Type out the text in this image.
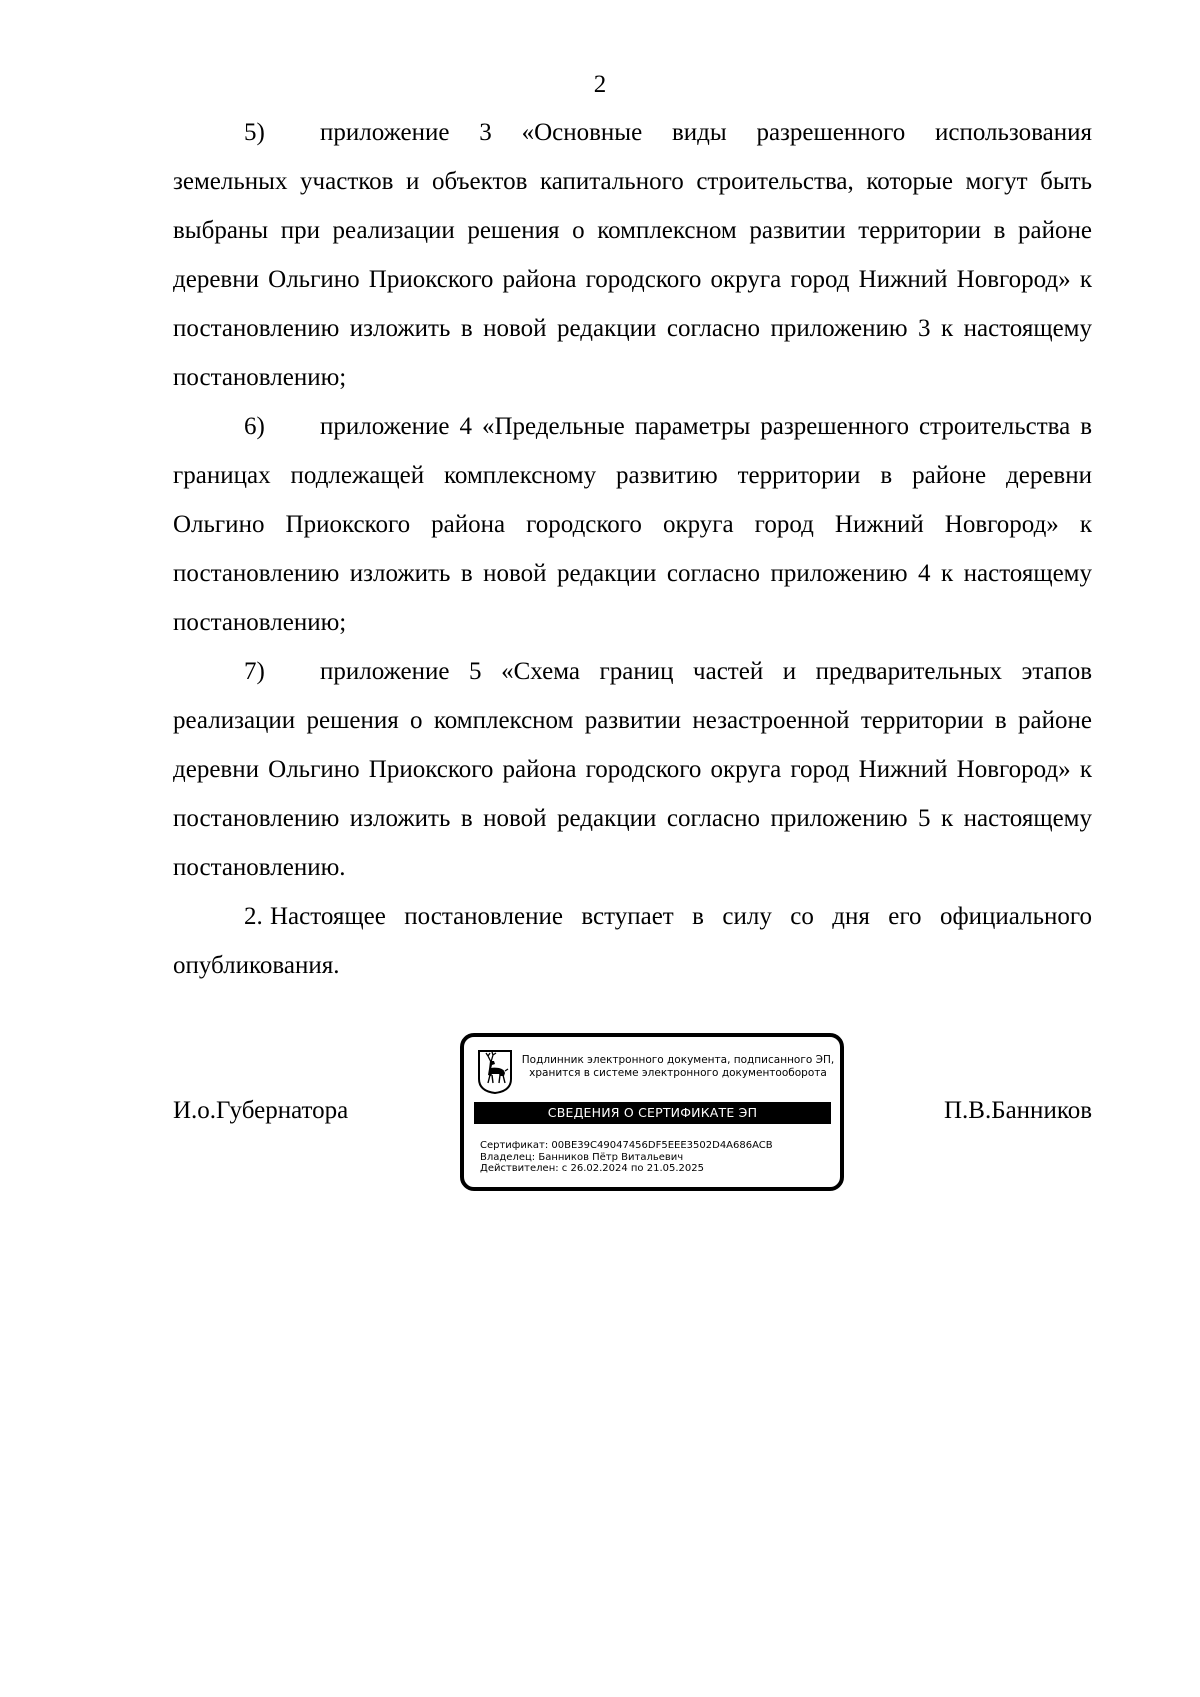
2

5) приложение 3 «Основные виды разрешенного использования земельных участков и объектов капитального строительства, которые могут быть выбраны при реализации решения о комплексном развитии территории в районе деревни Ольгино Приокского района городского округа город Нижний Новгород» к постановлению изложить в новой редакции согласно приложению 3 к настоящему постановлению;

6) приложение 4 «Предельные параметры разрешенного строительства в границах подлежащей комплексному развитию территории в районе деревни Ольгино Приокского района городского округа город Нижний Новгород» к постановлению изложить в новой редакции согласно приложению 4 к настоящему постановлению;

7) приложение 5 «Схема границ частей и предварительных этапов реализации решения о комплексном развитии незастроенной территории в районе деревни Ольгино Приокского района городского округа город Нижний Новгород» к постановлению изложить в новой редакции согласно приложению 5 к настоящему постановлению.

2. Настоящее постановление вступает в силу со дня его официального опубликования.

И.о.Губернатора	П.В.Банников
Подлинник электронного документа, подписанного ЭП,
хранится в системе электронного документооборота
СВЕДЕНИЯ О СЕРТИФИКАТЕ ЭП
Сертификат: 00BE39C49047456DF5EEE3502D4A686ACB
Владелец: Банников Пётр Витальевич
Действителен: с 26.02.2024 по 21.05.2025
